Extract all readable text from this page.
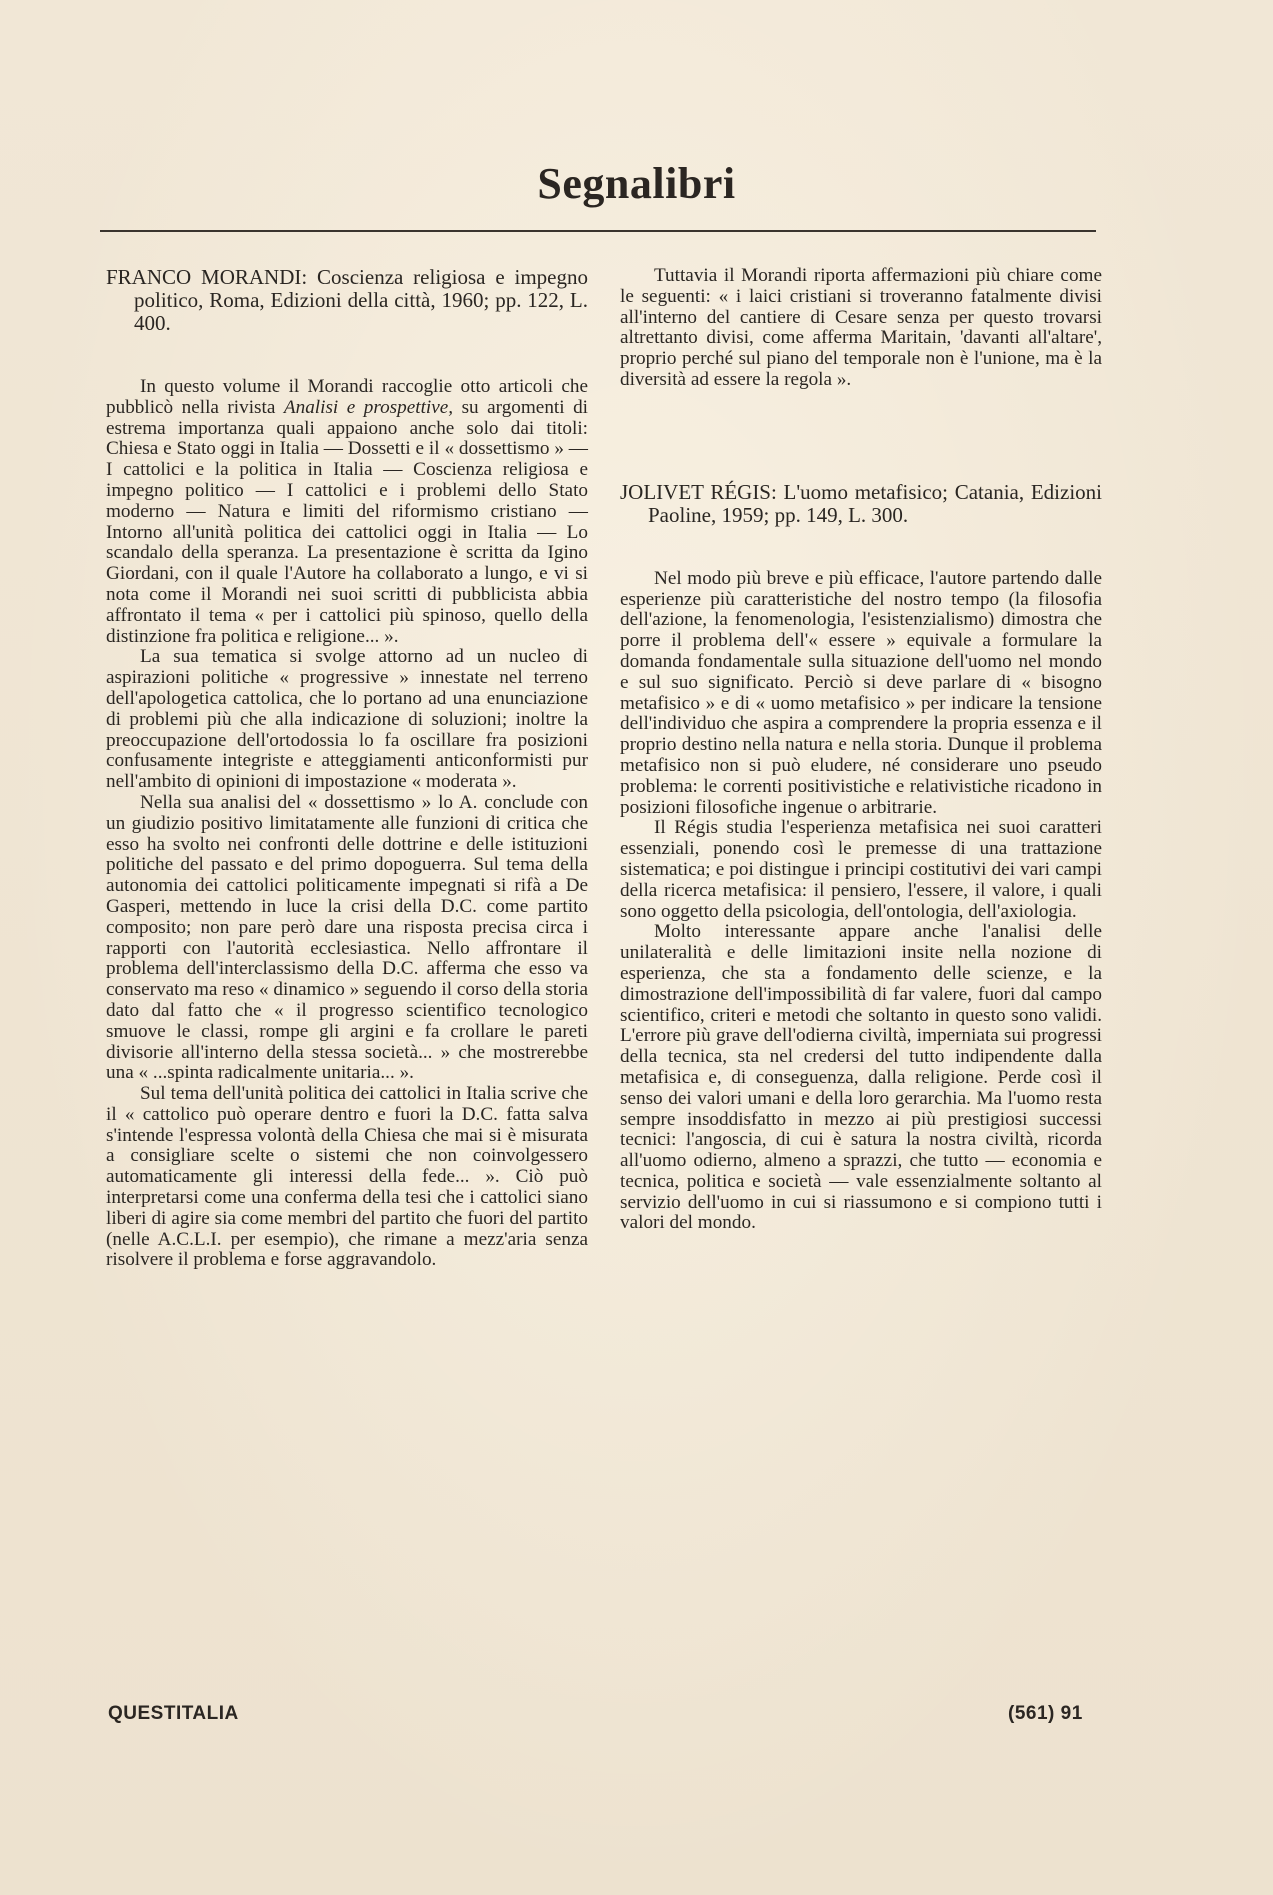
Segnalibri

FRANCO MORANDI: Coscienza religiosa e impegno politico, Roma, Edizioni della città, 1960; pp. 122, L. 400.

In questo volume il Morandi raccoglie otto articoli che pubblicò nella rivista Analisi e prospettive, su argomenti di estrema importanza quali appaiono anche solo dai titoli: Chiesa e Stato oggi in Italia — Dossetti e il « dossettismo » — I cattolici e la politica in Italia — Coscienza religiosa e impegno politico — I cattolici e i problemi dello Stato moderno — Natura e limiti del riformismo cristiano — Intorno all'unità politica dei cattolici oggi in Italia — Lo scandalo della speranza. La presentazione è scritta da Igino Giordani, con il quale l'Autore ha collaborato a lungo, e vi si nota come il Morandi nei suoi scritti di pubblicista abbia affrontato il tema « per i cattolici più spinoso, quello della distinzione fra politica e religione... ».

La sua tematica si svolge attorno ad un nucleo di aspirazioni politiche « progressive » innestate nel terreno dell'apologetica cattolica, che lo portano ad una enunciazione di problemi più che alla indicazione di soluzioni; inoltre la preoccupazione dell'ortodossia lo fa oscillare fra posizioni confusamente integriste e atteggiamenti anticonformisti pur nell'ambito di opinioni di impostazione « moderata ».

Nella sua analisi del « dossettismo » lo A. conclude con un giudizio positivo limitatamente alle funzioni di critica che esso ha svolto nei confronti delle dottrine e delle istituzioni politiche del passato e del primo dopoguerra. Sul tema della autonomia dei cattolici politicamente impegnati si rifà a De Gasperi, mettendo in luce la crisi della D.C. come partito composito; non pare però dare una risposta precisa circa i rapporti con l'autorità ecclesiastica. Nello affrontare il problema dell'interclassismo della D.C. afferma che esso va conservato ma reso « dinamico » seguendo il corso della storia dato dal fatto che « il progresso scientifico tecnologico smuove le classi, rompe gli argini e fa crollare le pareti divisorie all'interno della stessa società... » che mostrerebbe una « ...spinta radicalmente unitaria... ».

Sul tema dell'unità politica dei cattolici in Italia scrive che il « cattolico può operare dentro e fuori la D.C. fatta salva s'intende l'espressa volontà della Chiesa che mai si è misurata a consigliare scelte o sistemi che non coinvolgessero automaticamente gli interessi della fede... ». Ciò può interpretarsi come una conferma della tesi che i cattolici siano liberi di agire sia come membri del partito che fuori del partito (nelle A.C.L.I. per esempio), che rimane a mezz'aria senza risolvere il problema e forse aggravandolo.

Tuttavia il Morandi riporta affermazioni più chiare come le seguenti: « i laici cristiani si troveranno fatalmente divisi all'interno del cantiere di Cesare senza per questo trovarsi altrettanto divisi, come afferma Maritain, 'davanti all'altare', proprio perché sul piano del temporale non è l'unione, ma è la diversità ad essere la regola ».

JOLIVET RÉGIS: L'uomo metafisico; Catania, Edizioni Paoline, 1959; pp. 149, L. 300.

Nel modo più breve e più efficace, l'autore partendo dalle esperienze più caratteristiche del nostro tempo (la filosofia dell'azione, la fenomenologia, l'esistenzialismo) dimostra che porre il problema dell'« essere » equivale a formulare la domanda fondamentale sulla situazione dell'uomo nel mondo e sul suo significato. Perciò si deve parlare di « bisogno metafisico » e di « uomo metafisico » per indicare la tensione dell'individuo che aspira a comprendere la propria essenza e il proprio destino nella natura e nella storia. Dunque il problema metafisico non si può eludere, né considerare uno pseudo problema: le correnti positivistiche e relativistiche ricadono in posizioni filosofiche ingenue o arbitrarie.

Il Régis studia l'esperienza metafisica nei suoi caratteri essenziali, ponendo così le premesse di una trattazione sistematica; e poi distingue i principi costitutivi dei vari campi della ricerca metafisica: il pensiero, l'essere, il valore, i quali sono oggetto della psicologia, dell'ontologia, dell'axiologia.

Molto interessante appare anche l'analisi delle unilateralità e delle limitazioni insite nella nozione di esperienza, che sta a fondamento delle scienze, e la dimostrazione dell'impossibilità di far valere, fuori dal campo scientifico, criteri e metodi che soltanto in questo sono validi. L'errore più grave dell'odierna civiltà, imperniata sui progressi della tecnica, sta nel credersi del tutto indipendente dalla metafisica e, di conseguenza, dalla religione. Perde così il senso dei valori umani e della loro gerarchia. Ma l'uomo resta sempre insoddisfatto in mezzo ai più prestigiosi successi tecnici: l'angoscia, di cui è satura la nostra civiltà, ricorda all'uomo odierno, almeno a sprazzi, che tutto — economia e tecnica, politica e società — vale essenzialmente soltanto al servizio dell'uomo in cui si riassumono e si compiono tutti i valori del mondo.

QUESTITALIA	(561) 91
